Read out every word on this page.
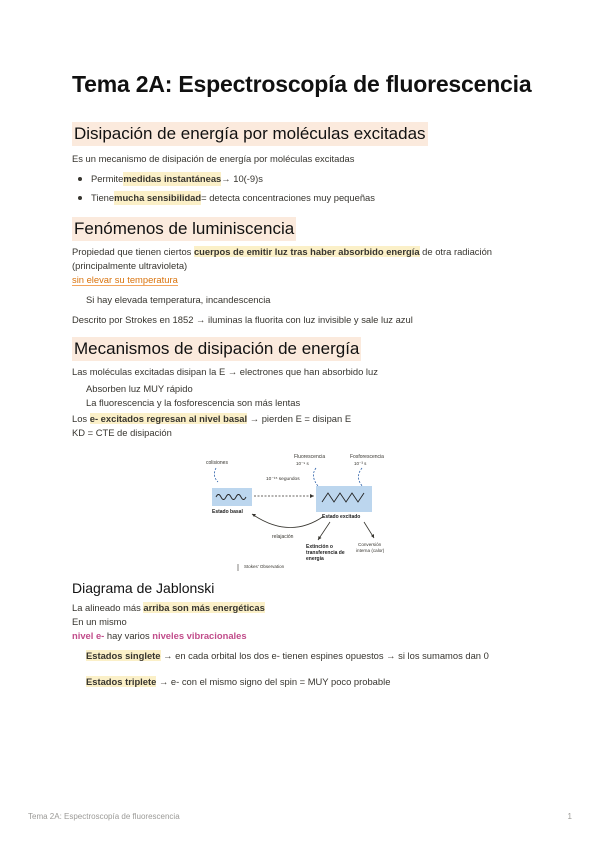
Tema 2A: Espectroscopía de fluorescencia
Disipación de energía por moléculas excitadas

Es un mecanismo de disipación de energía por moléculas excitadas

Permite medidas instantáneas → 10(-9)s
Tiene mucha sensibilidad = detecta concentraciones muy pequeñas
Fenómenos de luminiscencia

Propiedad que tienen ciertos cuerpos de emitir luz tras haber absorbido energía de otra radiación (principalmente ultravioleta)

sin elevar su temperatura

Si hay elevada temperatura, incandescencia

Descrito por Strokes en 1852 → iluminas la fluorita con luz invisible y sale luz azul

Mecanismos de disipación de energía

Las moléculas excitadas disipan la E → electrones que han absorbido luz

Absorben luz MUY rápido

La fluorescencia y la fosforescencia son más lentas

Los e- excitados regresan al nivel basal → pierden E = disipan E

KD = CTE de disipación

colisiones
Fluorescencia
10⁻⁹ s
Fosforescencia
10⁻³ s
10⁻¹⁵ segundos
Estado basal
Estado excitado
relajación
Extinción o
transferencia de
energía
Conversión
interna (calor)
Stokes' Observation
Diagrama de Jablonski

La alineado más arriba son más energéticas

En un mismo

nivel e- hay varios niveles vibracionales

Estados singlete → en cada orbital los dos e- tienen espines opuestos → si los sumamos dan 0

Estados triplete → e- con el mismo signo del spin = MUY poco probable

Tema 2A: Espectroscopía de fluorescencia	1
